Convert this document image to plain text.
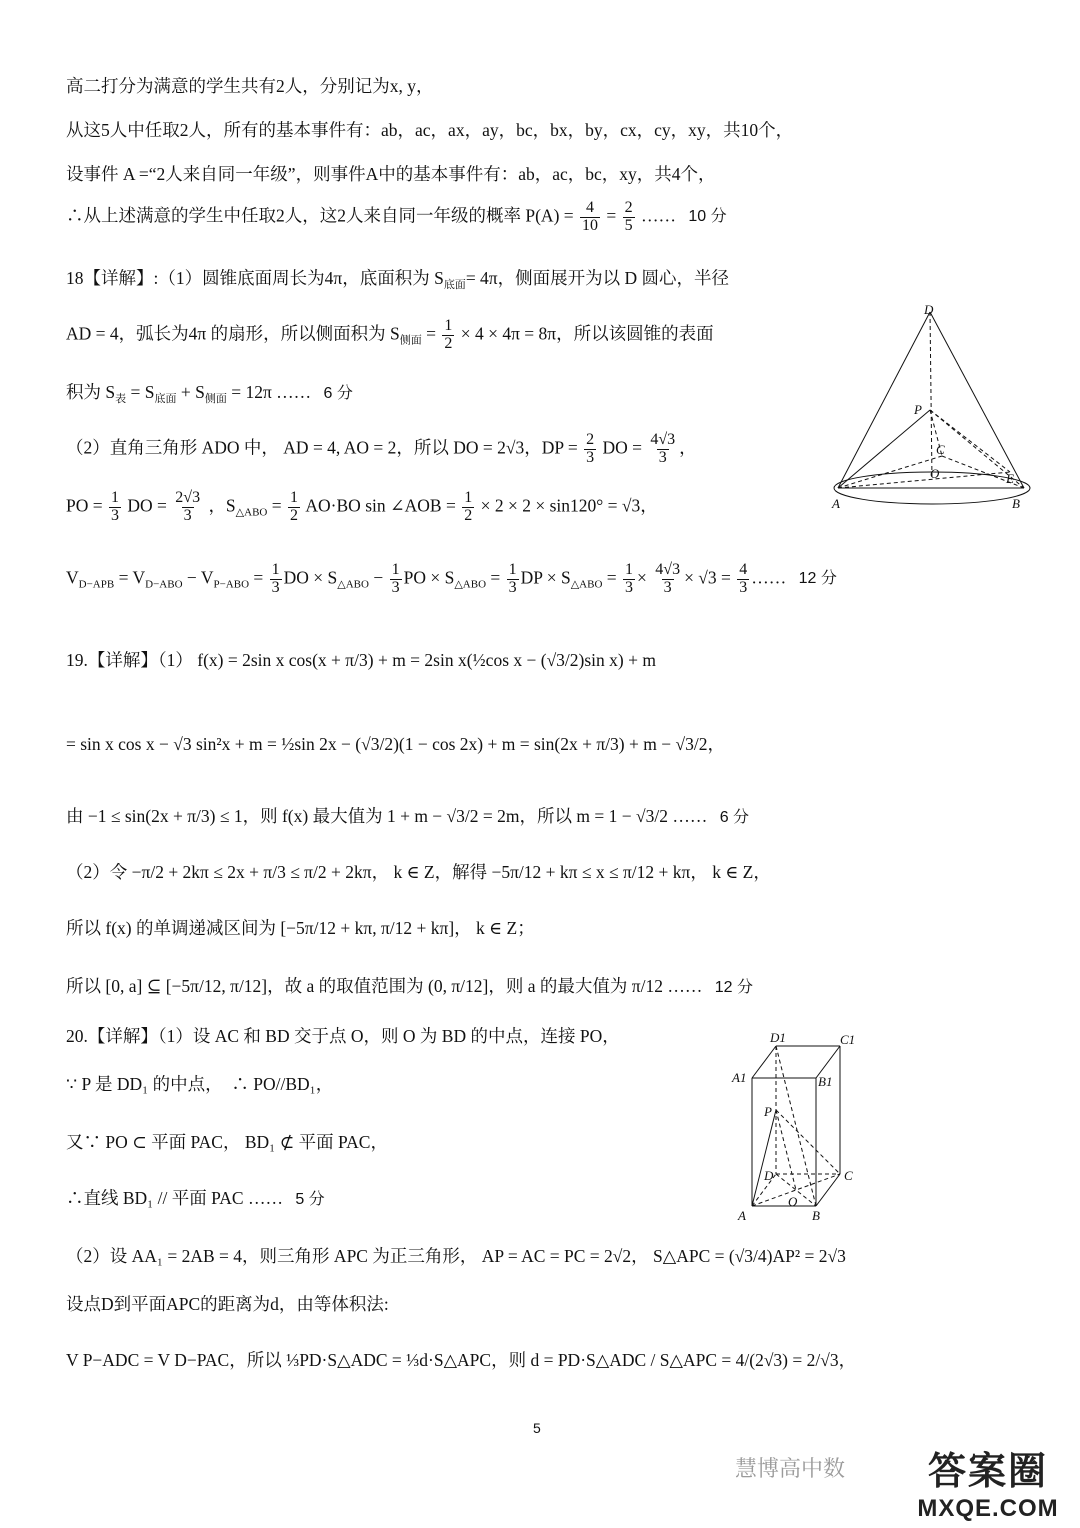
高二打分为满意的学生共有2人，分别记为x, y，
从这5人中任取2人，所有的基本事件有：ab，ac，ax，ay，bc，bx，by，cx，cy，xy，共10个，
设事件 A =“2人来自同一年级”，则事件A中的基本事件有：ab，ac，bc，xy，共4个，
∴从上述满意的学生中任取2人，这2人来自同一年级的概率 $P(A) = \frac{4}{10} = \frac{2}{5}$ …… 10 分
18【详解】:（1）圆锥底面周长为4π，底面积为 $S_{底面}= 4\pi$，侧面展开为以 D 圆心，半径
AD = 4，弧长为4π 的扇形，所以侧面积为 $S_{侧面} = \frac{1}{2} \times 4 \times 4\pi = 8\pi$，所以该圆锥的表面
积为 $S_表 = S_{底面} + S_{侧面} = 12\pi$ …… 6 分
（2）直角三角形 ADO 中， AD = 4, AO = 2，所以 DO = 2√3，DP = $\frac{2}{3}$ DO = $\frac{4√3}{3}$ ，
PO = $\frac{1}{3}$ DO = $\frac{2√3}{3}$ ，$S_{\triangle ABO} = \frac{1}{2} AO\cdot BO$ sin ∠AOB = $\frac{1}{2} \times 2 \times 2 \times \sin 120^\circ = √3$，
$V_{D-APB} = V_{D-ABO} - V_{P-ABO} = \frac{1}{3}$ DO × $S_{\triangle ABO} - \frac{1}{3}$ PO × $S_{\triangle ABO} = \frac{1}{3}$ DP × $S_{\triangle ABO} = \frac{1}{3} \times \frac{4√3}{3} \times √3 = \frac{4}{3}$ …… 12 分
19.【详解】（1） f(x) = 2sin x cos(x + π/3) + m = 2sin x(½cos x − (√3/2)sin x) + m
= sin x cos x − √3 sin²x + m = ½sin 2x − (√3/2)(1 − cos 2x) + m = sin(2x + π/3) + m − √3/2，
由 −1 ≤ sin(2x + π/3) ≤ 1，则 f(x) 最大值为 1 + m − √3/2 = 2m，所以 m = 1 − √3/2 …… 6 分
（2）令 −π/2 + 2kπ ≤ 2x + π/3 ≤ π/2 + 2kπ， k ∈ Z，解得 −5π/12 + kπ ≤ x ≤ π/12 + kπ， k ∈ Z，
所以 f(x) 的单调递减区间为 [−5π/12 + kπ, π/12 + kπ]， k ∈ Z；
所以 [0, a] ⊆ [−5π/12, π/12]，故 a 的取值范围为 (0, π/12]，则 a 的最大值为 π/12 …… 12 分
20.【详解】（1）设 AC 和 BD 交于点 O，则 O 为 BD 的中点，连接 PO，
∵ P 是 DD₁ 的中点，　∴ PO//BD₁，
又∵ PO ⊂ 平面 PAC， BD₁ ⊄ 平面 PAC，
∴直线 BD₁ // 平面 PAC …… 5 分
（2）设 AA₁ = 2AB = 4，则三角形 APC 为正三角形， AP = AC = PC = 2√2， S△APC = (√3/4)AP² = 2√3
设点D到平面APC的距离为d，由等体积法:
V P−ADC = V D−PAC，所以 ⅓PD·S△ADC = ⅓d·S△APC，则 d = PD·S△ADC / S△APC = 4/(2√3) = 2/√3，
D
P
C
O	E
A	B
D1	C1
A1	B1
P
D	C
A
O
B
5
慧博高中数	答案圈
MXQE.COM
